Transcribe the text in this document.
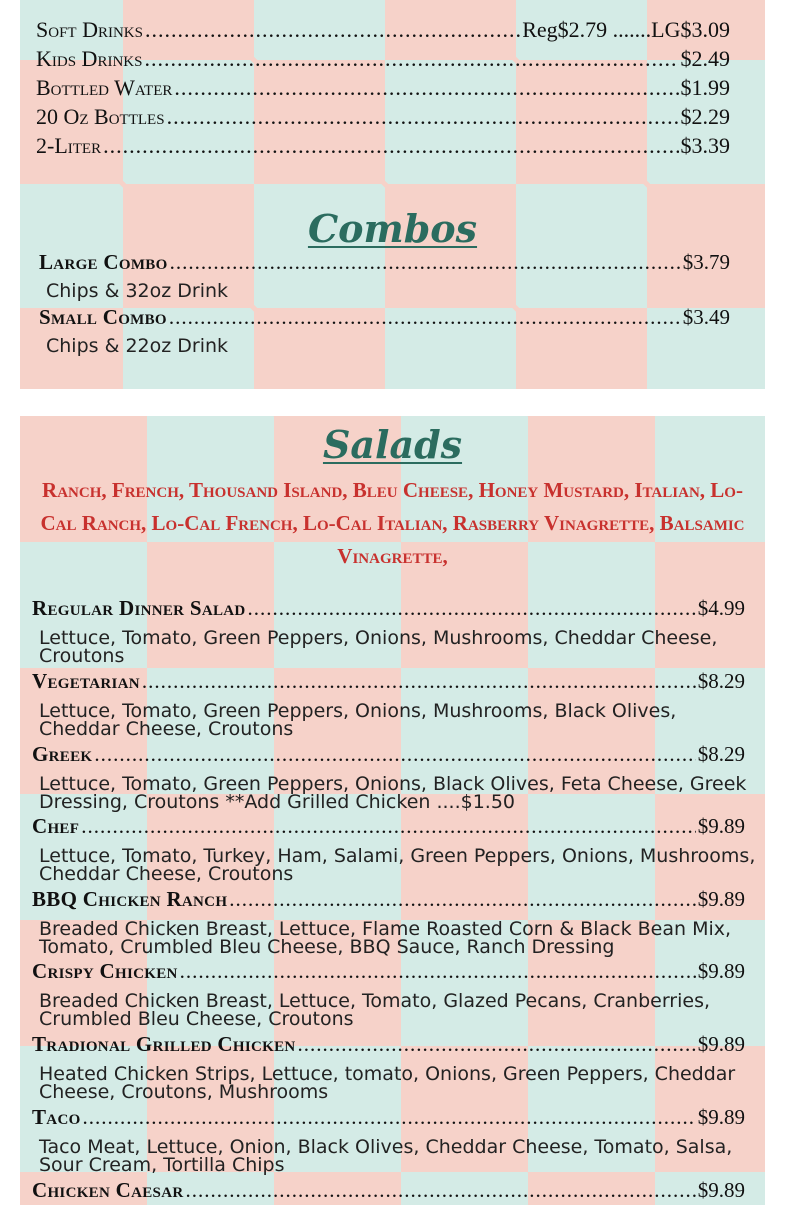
Soft Drinks .....	Reg$2.79 .......LG$3.09
Kids Drinks .....	$2.49
Bottled Water .....	$1.99
20 Oz Bottles .....	$2.29
2-Liter .....	$3.39
Combos
Large Combo .....	$3.79
Chips & 32oz Drink
Small Combo .....	$3.49
Chips & 22oz Drink
Salads
Ranch, French, Thousand Island, Bleu Cheese, Honey Mustard, Italian, Lo-Cal Ranch, Lo-Cal French, Lo-Cal Italian, Rasberry Vinagrette, Balsamic Vinagrette,
Regular Dinner Salad .....	$4.99
Lettuce, Tomato, Green Peppers, Onions, Mushrooms, Cheddar Cheese, Croutons
Vegetarian .....	$8.29
Lettuce, Tomato, Green Peppers, Onions, Mushrooms, Black Olives, Cheddar Cheese, Croutons
Greek .....	$8.29
Lettuce, Tomato, Green Peppers, Onions, Black Olives, Feta Cheese, Greek Dressing, Croutons **Add Grilled Chicken ....$1.50
Chef .....	$9.89
Lettuce, Tomato, Turkey, Ham, Salami, Green Peppers, Onions, Mushrooms, Cheddar Cheese, Croutons
BBQ Chicken Ranch .....	$9.89
Breaded Chicken Breast, Lettuce, Flame Roasted Corn & Black Bean Mix, Tomato, Crumbled Bleu Cheese, BBQ Sauce, Ranch Dressing
Crispy Chicken .....	$9.89
Breaded Chicken Breast, Lettuce, Tomato, Glazed Pecans, Cranberries, Crumbled Bleu Cheese, Croutons
Tradional Grilled Chicken .....	$9.89
Heated Chicken Strips, Lettuce, tomato, Onions, Green Peppers, Cheddar Cheese, Croutons, Mushrooms
Taco .....	$9.89
Taco Meat, Lettuce, Onion, Black Olives, Cheddar Cheese, Tomato, Salsa, Sour Cream, Tortilla Chips
Chicken Caesar .....	$9.89
